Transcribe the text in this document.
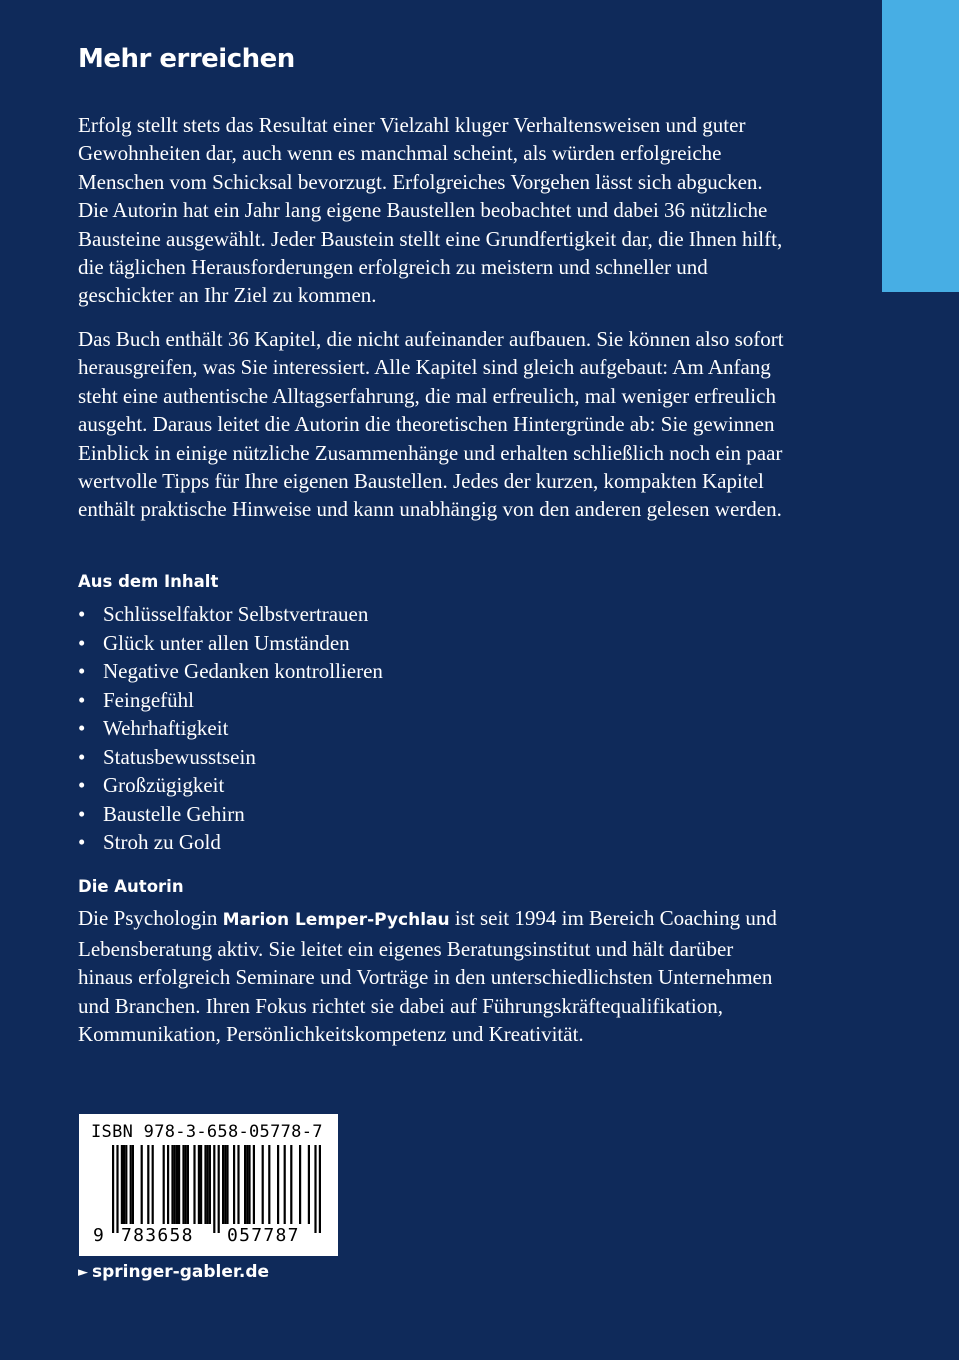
Mehr erreichen

Erfolg stellt stets das Resultat einer Vielzahl kluger Verhaltensweisen und guter Gewohnheiten dar, auch wenn es manchmal scheint, als würden erfolgreiche Menschen vom Schicksal bevorzugt. Erfolgreiches Vorgehen lässt sich abgucken. Die Autorin hat ein Jahr lang eigene Baustellen beobachtet und dabei 36 nützliche Bausteine ausgewählt. Jeder Baustein stellt eine Grundfertigkeit dar, die Ihnen hilft, die täglichen Herausforderungen erfolgreich zu meistern und schneller und geschickter an Ihr Ziel zu kommen.

Das Buch enthält 36 Kapitel, die nicht aufeinander aufbauen. Sie können also sofort herausgreifen, was Sie interessiert. Alle Kapitel sind gleich aufgebaut: Am Anfang steht eine authentische Alltagserfahrung, die mal erfreulich, mal weniger erfreulich ausgeht. Daraus leitet die Autorin die theoretischen Hintergründe ab: Sie gewinnen Einblick in einige nützliche Zusammenhänge und erhalten schließlich noch ein paar wertvolle Tipps für Ihre eigenen Baustellen. Jedes der kurzen, kompakten Kapitel enthält praktische Hinweise und kann unabhängig von den anderen gelesen werden.

Aus dem Inhalt
• Schlüsselfaktor Selbstvertrauen
• Glück unter allen Umständen
• Negative Gedanken kontrollieren
• Feingefühl
• Wehrhaftigkeit
• Statusbewusstsein
• Großzügigkeit
• Baustelle Gehirn
• Stroh zu Gold
Die Autorin

Die Psychologin Marion Lemper-Pychlau ist seit 1994 im Bereich Coaching und Lebensberatung aktiv. Sie leitet ein eigenes Beratungsinstitut und hält darüber hinaus erfolgreich Seminare und Vorträge in den unterschiedlichsten Unternehmen und Branchen. Ihren Fokus richtet sie dabei auf Führungskräftequalifikation, Kommunikation, Persönlichkeitskompetenz und Kreativität.

ISBN 978-3-658-05778-7
9 783658 057787
► springer-gabler.de
